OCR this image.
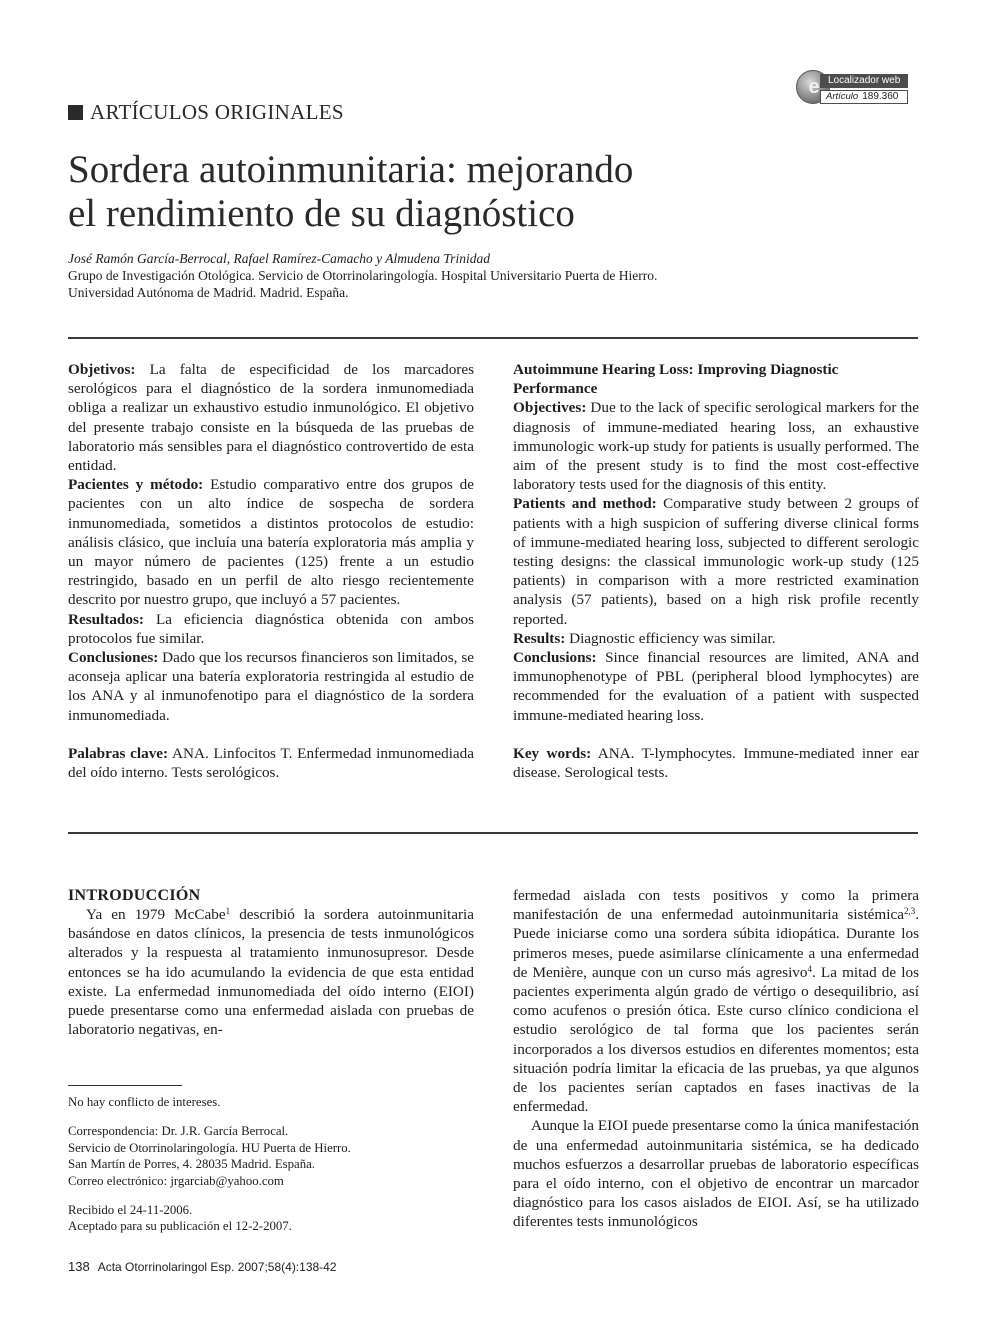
e Localizador web
Artículo 189.360
ARTÍCULOS ORIGINALES
Sordera autoinmunitaria: mejorando
el rendimiento de su diagnóstico
José Ramón García-Berrocal, Rafael Ramírez-Camacho y Almudena Trinidad
Grupo de Investigación Otológica. Servicio de Otorrinolaringología. Hospital Universitario Puerta de Hierro.
Universidad Autónoma de Madrid. Madrid. España.

Objetivos: La falta de especificidad de los marcadores serológicos para el diagnóstico de la sordera inmunomediada obliga a realizar un exhaustivo estudio inmunológico. El objetivo del presente trabajo consiste en la búsqueda de las pruebas de laboratorio más sensibles para el diagnóstico controvertido de esta entidad.

Pacientes y método: Estudio comparativo entre dos grupos de pacientes con un alto índice de sospecha de sordera inmunomediada, sometidos a distintos protocolos de estudio: análisis clásico, que incluía una batería exploratoria más amplia y un mayor número de pacientes (125) frente a un estudio restringido, basado en un perfil de alto riesgo recientemente descrito por nuestro grupo, que incluyó a 57 pacientes.

Resultados: La eficiencia diagnóstica obtenida con ambos protocolos fue similar.

Conclusiones: Dado que los recursos financieros son limitados, se aconseja aplicar una batería exploratoria restringida al estudio de los ANA y al inmunofenotipo para el diagnóstico de la sordera inmunomediada.

Palabras clave: ANA. Linfocitos T. Enfermedad inmunomediada del oído interno. Tests serológicos.

Autoimmune Hearing Loss: Improving Diagnostic Performance

Objectives: Due to the lack of specific serological markers for the diagnosis of immune-mediated hearing loss, an exhaustive immunologic work-up study for patients is usually performed. The aim of the present study is to find the most cost-effective laboratory tests used for the diagnosis of this entity.

Patients and method: Comparative study between 2 groups of patients with a high suspicion of suffering diverse clinical forms of immune-mediated hearing loss, subjected to different serologic testing designs: the classical immunologic work-up study (125 patients) in comparison with a more restricted examination analysis (57 patients), based on a high risk profile recently reported.

Results: Diagnostic efficiency was similar.

Conclusions: Since financial resources are limited, ANA and immunophenotype of PBL (peripheral blood lymphocytes) are recommended for the evaluation of a patient with suspected immune-mediated hearing loss.

Key words: ANA. T-lymphocytes. Immune-mediated inner ear disease. Serological tests.

INTRODUCCIÓN

Ya en 1979 McCabe$^1$ describió la sordera autoinmunitaria basándose en datos clínicos, la presencia de tests inmunológicos alterados y la respuesta al tratamiento inmunosupresor. Desde entonces se ha ido acumulando la evidencia de que esta entidad existe. La enfermedad inmunomediada del oído interno (EIOI) puede presentarse como una enfermedad aislada con pruebas de laboratorio negativas, en-

No hay conflicto de intereses.

Correspondencia: Dr. J.R. García Berrocal.

Servicio de Otorrinolaringología. HU Puerta de Hierro.

San Martín de Porres, 4. 28035 Madrid. España.

Correo electrónico: jrgarciab@yahoo.com

Recibido el 24-11-2006.

Aceptado para su publicación el 12-2-2007.

fermedad aislada con tests positivos y como la primera manifestación de una enfermedad autoinmunitaria sistémica$^{2,3}$. Puede iniciarse como una sordera súbita idiopática. Durante los primeros meses, puede asimilarse clínicamente a una enfermedad de Menière, aunque con un curso más agresivo$^4$. La mitad de los pacientes experimenta algún grado de vértigo o desequilibrio, así como acufenos o presión ótica. Este curso clínico condiciona el estudio serológico de tal forma que los pacientes serán incorporados a los diversos estudios en diferentes momentos; esta situación podría limitar la eficacia de las pruebas, ya que algunos de los pacientes serían captados en fases inactivas de la enfermedad.

Aunque la EIOI puede presentarse como la única manifestación de una enfermedad autoinmunitaria sistémica, se ha dedicado muchos esfuerzos a desarrollar pruebas de laboratorio específicas para el oído interno, con el objetivo de encontrar un marcador diagnóstico para los casos aislados de EIOI. Así, se ha utilizado diferentes tests inmunológicos

138 Acta Otorrinolaringol Esp. 2007;58(4):138-42
